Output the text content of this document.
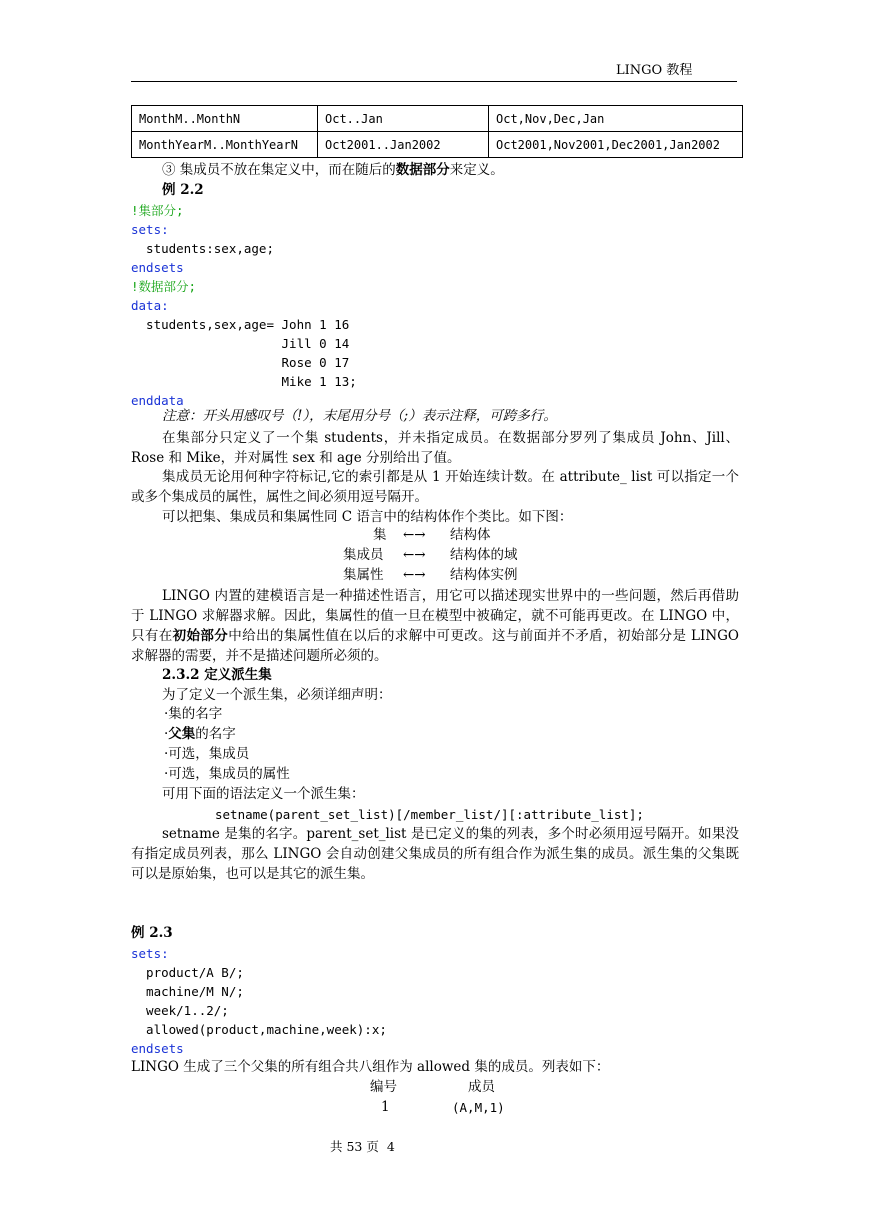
LINGO 教程
MonthM..MonthN	Oct..Jan	Oct,Nov,Dec,Jan
MonthYearM..MonthYearN	Oct2001..Jan2002	Oct2001,Nov2001,Dec2001,Jan2002
③ 集成员不放在集定义中，而在随后的数据部分来定义。
例 2.2
!集部分;
sets:
students:sex,age;
endsets
!数据部分;
data:
students,sex,age= John 1 16
Jill 0 14
Rose 0 17
Mike 1 13;
enddata
注意：开头用感叹号（!），末尾用分号（;）表示注释，可跨多行。
在集部分只定义了一个集 students，并未指定成员。在数据部分罗列了集成员 John、Jill、Rose 和 Mike，并对属性 sex 和 age 分别给出了值。
集成员无论用何种字符标记,它的索引都是从 1 开始连续计数。在 attribute_ list 可以指定一个或多个集成员的属性，属性之间必须用逗号隔开。
可以把集、集成员和集属性同 C 语言中的结构体作个类比。如下图：
集 ←→ 结构体
集成员 ←→ 结构体的域
集属性 ←→ 结构体实例
LINGO 内置的建模语言是一种描述性语言，用它可以描述现实世界中的一些问题，然后再借助于 LINGO 求解器求解。因此，集属性的值一旦在模型中被确定，就不可能再更改。在 LINGO 中，只有在初始部分中给出的集属性值在以后的求解中可更改。这与前面并不矛盾，初始部分是 LINGO 求解器的需要，并不是描述问题所必须的。
2.3.2 定义派生集
为了定义一个派生集，必须详细声明：
·集的名字
·父集的名字
·可选，集成员
·可选，集成员的属性
可用下面的语法定义一个派生集：
setname(parent_set_list)[/member_list/][:attribute_list];
setname 是集的名字。parent_set_list 是已定义的集的列表，多个时必须用逗号隔开。如果没有指定成员列表，那么 LINGO 会自动创建父集成员的所有组合作为派生集的成员。派生集的父集既可以是原始集，也可以是其它的派生集。
例 2.3
sets:
product/A B/;
machine/M N/;
week/1..2/;
allowed(product,machine,week):x;
endsets
LINGO 生成了三个父集的所有组合共八组作为 allowed 集的成员。列表如下：
编号	成员
1	(A,M,1)
共 53 页 4
